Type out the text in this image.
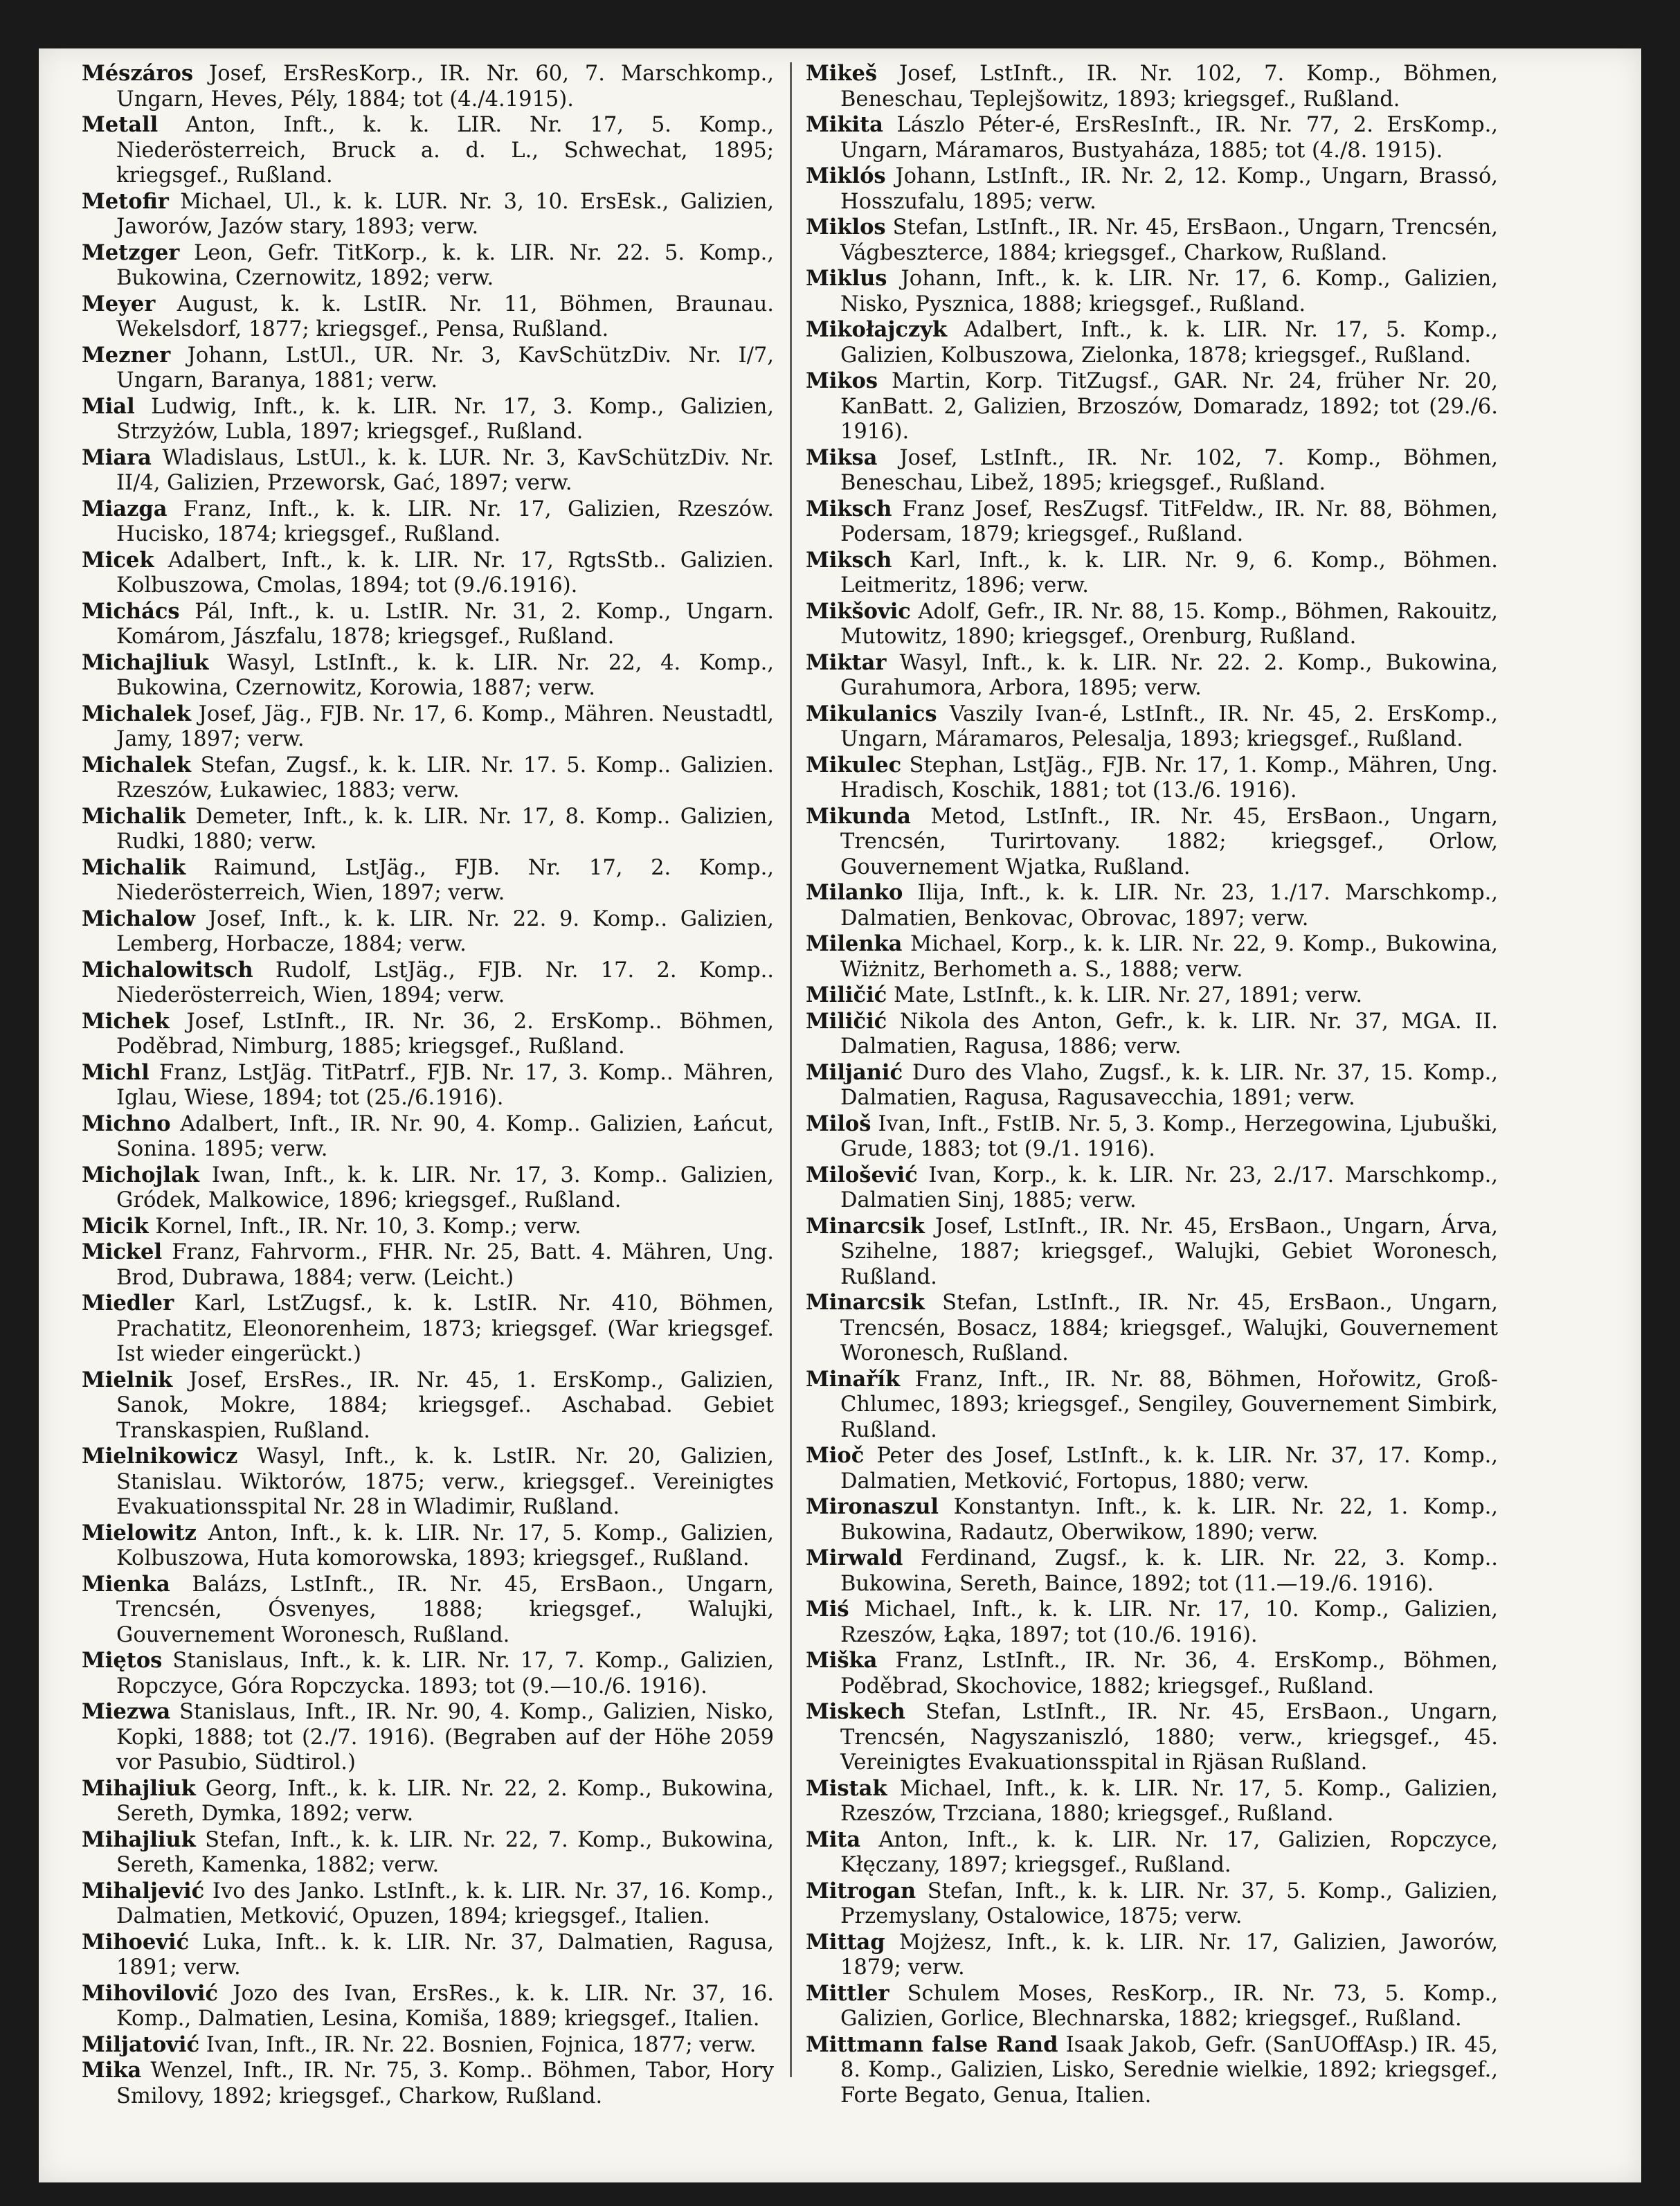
Mészáros Josef, ErsResKorp., IR. Nr. 60, 7. Marschkomp., Ungarn, Heves, Pély, 1884; tot (4./4.1915).

Metall Anton, Inft., k. k. LIR. Nr. 17, 5. Komp., Niederösterreich, Bruck a. d. L., Schwechat, 1895; kriegsgef., Rußland.

Metofir Michael, Ul., k. k. LUR. Nr. 3, 10. ErsEsk., Galizien, Jaworów, Jazów stary, 1893; verw.

Metzger Leon, Gefr. TitKorp., k. k. LIR. Nr. 22. 5. Komp., Bukowina, Czernowitz, 1892; verw.

Meyer August, k. k. LstIR. Nr. 11, Böhmen, Braunau. Wekelsdorf, 1877; kriegsgef., Pensa, Rußland.

Mezner Johann, LstUl., UR. Nr. 3, KavSchützDiv. Nr. I/7, Ungarn, Baranya, 1881; verw.

Mial Ludwig, Inft., k. k. LIR. Nr. 17, 3. Komp., Galizien, Strzyżów, Lubla, 1897; kriegsgef., Rußland.

Miara Wladislaus, LstUl., k. k. LUR. Nr. 3, KavSchützDiv. Nr. II/4, Galizien, Przeworsk, Gać, 1897; verw.

Miazga Franz, Inft., k. k. LIR. Nr. 17, Galizien, Rzeszów. Hucisko, 1874; kriegsgef., Rußland.

Micek Adalbert, Inft., k. k. LIR. Nr. 17, RgtsStb.. Galizien. Kolbuszowa, Cmolas, 1894; tot (9./6.1916).

Michács Pál, Inft., k. u. LstIR. Nr. 31, 2. Komp., Ungarn. Komárom, Jászfalu, 1878; kriegsgef., Rußland.

Michajliuk Wasyl, LstInft., k. k. LIR. Nr. 22, 4. Komp., Bukowina, Czernowitz, Korowia, 1887; verw.

Michalek Josef, Jäg., FJB. Nr. 17, 6. Komp., Mähren. Neustadtl, Jamy, 1897; verw.

Michalek Stefan, Zugsf., k. k. LIR. Nr. 17. 5. Komp.. Galizien. Rzeszów, Łukawiec, 1883; verw.

Michalik Demeter, Inft., k. k. LIR. Nr. 17, 8. Komp.. Galizien, Rudki, 1880; verw.

Michalik Raimund, LstJäg., FJB. Nr. 17, 2. Komp., Niederösterreich, Wien, 1897; verw.

Michalow Josef, Inft., k. k. LIR. Nr. 22. 9. Komp.. Galizien, Lemberg, Horbacze, 1884; verw.

Michalowitsch Rudolf, LstJäg., FJB. Nr. 17. 2. Komp.. Niederösterreich, Wien, 1894; verw.

Michek Josef, LstInft., IR. Nr. 36, 2. ErsKomp.. Böhmen, Poděbrad, Nimburg, 1885; kriegsgef., Rußland.

Michl Franz, LstJäg. TitPatrf., FJB. Nr. 17, 3. Komp.. Mähren, Iglau, Wiese, 1894; tot (25./6.1916).

Michno Adalbert, Inft., IR. Nr. 90, 4. Komp.. Galizien, Łańcut, Sonina. 1895; verw.

Michojlak Iwan, Inft., k. k. LIR. Nr. 17, 3. Komp.. Galizien, Gródek, Malkowice, 1896; kriegsgef., Rußland.

Micik Kornel, Inft., IR. Nr. 10, 3. Komp.; verw.

Mickel Franz, Fahrvorm., FHR. Nr. 25, Batt. 4. Mähren, Ung. Brod, Dubrawa, 1884; verw. (Leicht.)

Miedler Karl, LstZugsf., k. k. LstIR. Nr. 410, Böhmen, Prachatitz, Eleonorenheim, 1873; kriegsgef. (War kriegsgef. Ist wieder eingerückt.)

Mielnik Josef, ErsRes., IR. Nr. 45, 1. ErsKomp., Galizien, Sanok, Mokre, 1884; kriegsgef.. Aschabad. Gebiet Transkaspien, Rußland.

Mielnikowicz Wasyl, Inft., k. k. LstIR. Nr. 20, Galizien, Stanislau. Wiktorów, 1875; verw., kriegsgef.. Vereinigtes Evakuationsspital Nr. 28 in Wladimir, Rußland.

Mielowitz Anton, Inft., k. k. LIR. Nr. 17, 5. Komp., Galizien, Kolbuszowa, Huta komorowska, 1893; kriegsgef., Rußland.

Mienka Balázs, LstInft., IR. Nr. 45, ErsBaon., Ungarn, Trencsén, Ósvenyes, 1888; kriegsgef., Walujki, Gouvernement Woronesch, Rußland.

Miętos Stanislaus, Inft., k. k. LIR. Nr. 17, 7. Komp., Galizien, Ropczyce, Góra Ropczycka. 1893; tot (9.—10./6. 1916).

Miezwa Stanislaus, Inft., IR. Nr. 90, 4. Komp., Galizien, Nisko, Kopki, 1888; tot (2./7. 1916). (Begraben auf der Höhe 2059 vor Pasubio, Südtirol.)

Mihajliuk Georg, Inft., k. k. LIR. Nr. 22, 2. Komp., Bukowina, Sereth, Dymka, 1892; verw.

Mihajliuk Stefan, Inft., k. k. LIR. Nr. 22, 7. Komp., Bukowina, Sereth, Kamenka, 1882; verw.

Mihaljević Ivo des Janko. LstInft., k. k. LIR. Nr. 37, 16. Komp., Dalmatien, Metković, Opuzen, 1894; kriegsgef., Italien.

Mihoević Luka, Inft.. k. k. LIR. Nr. 37, Dalmatien, Ragusa, 1891; verw.

Mihovilović Jozo des Ivan, ErsRes., k. k. LIR. Nr. 37, 16. Komp., Dalmatien, Lesina, Komiša, 1889; kriegsgef., Italien.

Miljatović Ivan, Inft., IR. Nr. 22. Bosnien, Fojnica, 1877; verw.

Mika Wenzel, Inft., IR. Nr. 75, 3. Komp.. Böhmen, Tabor, Hory Smilovy, 1892; kriegsgef., Charkow, Rußland.

Mikeš Josef, LstInft., IR. Nr. 102, 7. Komp., Böhmen, Beneschau, Teplejšowitz, 1893; kriegsgef., Rußland.

Mikita Lászlo Péter-é, ErsResInft., IR. Nr. 77, 2. ErsKomp., Ungarn, Máramaros, Bustyaháza, 1885; tot (4./8. 1915).

Miklós Johann, LstInft., IR. Nr. 2, 12. Komp., Ungarn, Brassó, Hosszufalu, 1895; verw.

Miklos Stefan, LstInft., IR. Nr. 45, ErsBaon., Ungarn, Trencsén, Vágbeszterce, 1884; kriegsgef., Charkow, Rußland.

Miklus Johann, Inft., k. k. LIR. Nr. 17, 6. Komp., Galizien, Nisko, Pysznica, 1888; kriegsgef., Rußland.

Mikołajczyk Adalbert, Inft., k. k. LIR. Nr. 17, 5. Komp., Galizien, Kolbuszowa, Zielonka, 1878; kriegsgef., Rußland.

Mikos Martin, Korp. TitZugsf., GAR. Nr. 24, früher Nr. 20, KanBatt. 2, Galizien, Brzoszów, Domaradz, 1892; tot (29./6. 1916).

Miksa Josef, LstInft., IR. Nr. 102, 7. Komp., Böhmen, Beneschau, Libež, 1895; kriegsgef., Rußland.

Miksch Franz Josef, ResZugsf. TitFeldw., IR. Nr. 88, Böhmen, Podersam, 1879; kriegsgef., Rußland.

Miksch Karl, Inft., k. k. LIR. Nr. 9, 6. Komp., Böhmen. Leitmeritz, 1896; verw.

Mikšovic Adolf, Gefr., IR. Nr. 88, 15. Komp., Böhmen, Rakouitz, Mutowitz, 1890; kriegsgef., Orenburg, Rußland.

Miktar Wasyl, Inft., k. k. LIR. Nr. 22. 2. Komp., Bukowina, Gurahumora, Arbora, 1895; verw.

Mikulanics Vaszily Ivan-é, LstInft., IR. Nr. 45, 2. ErsKomp., Ungarn, Máramaros, Pelesalja, 1893; kriegsgef., Rußland.

Mikulec Stephan, LstJäg., FJB. Nr. 17, 1. Komp., Mähren, Ung. Hradisch, Koschik, 1881; tot (13./6. 1916).

Mikunda Metod, LstInft., IR. Nr. 45, ErsBaon., Ungarn, Trencsén, Turirtovany. 1882; kriegsgef., Orlow, Gouvernement Wjatka, Rußland.

Milanko Ilija, Inft., k. k. LIR. Nr. 23, 1./17. Marschkomp., Dalmatien, Benkovac, Obrovac, 1897; verw.

Milenka Michael, Korp., k. k. LIR. Nr. 22, 9. Komp., Bukowina, Wiżnitz, Berhometh a. S., 1888; verw.

Miličić Mate, LstInft., k. k. LIR. Nr. 27, 1891; verw.

Miličić Nikola des Anton, Gefr., k. k. LIR. Nr. 37, MGA. II. Dalmatien, Ragusa, 1886; verw.

Miljanić Duro des Vlaho, Zugsf., k. k. LIR. Nr. 37, 15. Komp., Dalmatien, Ragusa, Ragusavecchia, 1891; verw.

Miloš Ivan, Inft., FstIB. Nr. 5, 3. Komp., Herzegowina, Ljubuški, Grude, 1883; tot (9./1. 1916).

Milošević Ivan, Korp., k. k. LIR. Nr. 23, 2./17. Marschkomp., Dalmatien Sinj, 1885; verw.

Minarcsik Josef, LstInft., IR. Nr. 45, ErsBaon., Ungarn, Árva, Szihelne, 1887; kriegsgef., Walujki, Gebiet Woronesch, Rußland.

Minarcsik Stefan, LstInft., IR. Nr. 45, ErsBaon., Ungarn, Trencsén, Bosacz, 1884; kriegsgef., Walujki, Gouvernement Woronesch, Rußland.

Minařík Franz, Inft., IR. Nr. 88, Böhmen, Hořowitz, Groß-Chlumec, 1893; kriegsgef., Sengiley, Gouvernement Simbirk, Rußland.

Mioč Peter des Josef, LstInft., k. k. LIR. Nr. 37, 17. Komp., Dalmatien, Metković, Fortopus, 1880; verw.

Mironaszul Konstantyn. Inft., k. k. LIR. Nr. 22, 1. Komp., Bukowina, Radautz, Oberwikow, 1890; verw.

Mirwald Ferdinand, Zugsf., k. k. LIR. Nr. 22, 3. Komp.. Bukowina, Sereth, Baince, 1892; tot (11.—19./6. 1916).

Miś Michael, Inft., k. k. LIR. Nr. 17, 10. Komp., Galizien, Rzeszów, Łąka, 1897; tot (10./6. 1916).

Miška Franz, LstInft., IR. Nr. 36, 4. ErsKomp., Böhmen, Poděbrad, Skochovice, 1882; kriegsgef., Rußland.

Miskech Stefan, LstInft., IR. Nr. 45, ErsBaon., Ungarn, Trencsén, Nagyszaniszló, 1880; verw., kriegsgef., 45. Vereinigtes Evakuationsspital in Rjäsan Rußland.

Mistak Michael, Inft., k. k. LIR. Nr. 17, 5. Komp., Galizien, Rzeszów, Trzciana, 1880; kriegsgef., Rußland.

Mita Anton, Inft., k. k. LIR. Nr. 17, Galizien, Ropczyce, Kłęczany, 1897; kriegsgef., Rußland.

Mitrogan Stefan, Inft., k. k. LIR. Nr. 37, 5. Komp., Galizien, Przemyslany, Ostalowice, 1875; verw.

Mittag Mojżesz, Inft., k. k. LIR. Nr. 17, Galizien, Jaworów, 1879; verw.

Mittler Schulem Moses, ResKorp., IR. Nr. 73, 5. Komp., Galizien, Gorlice, Blechnarska, 1882; kriegsgef., Rußland.

Mittmann false Rand Isaak Jakob, Gefr. (SanUOffAsp.) IR. 45, 8. Komp., Galizien, Lisko, Serednie wielkie, 1892; kriegsgef., Forte Begato, Genua, Italien.
